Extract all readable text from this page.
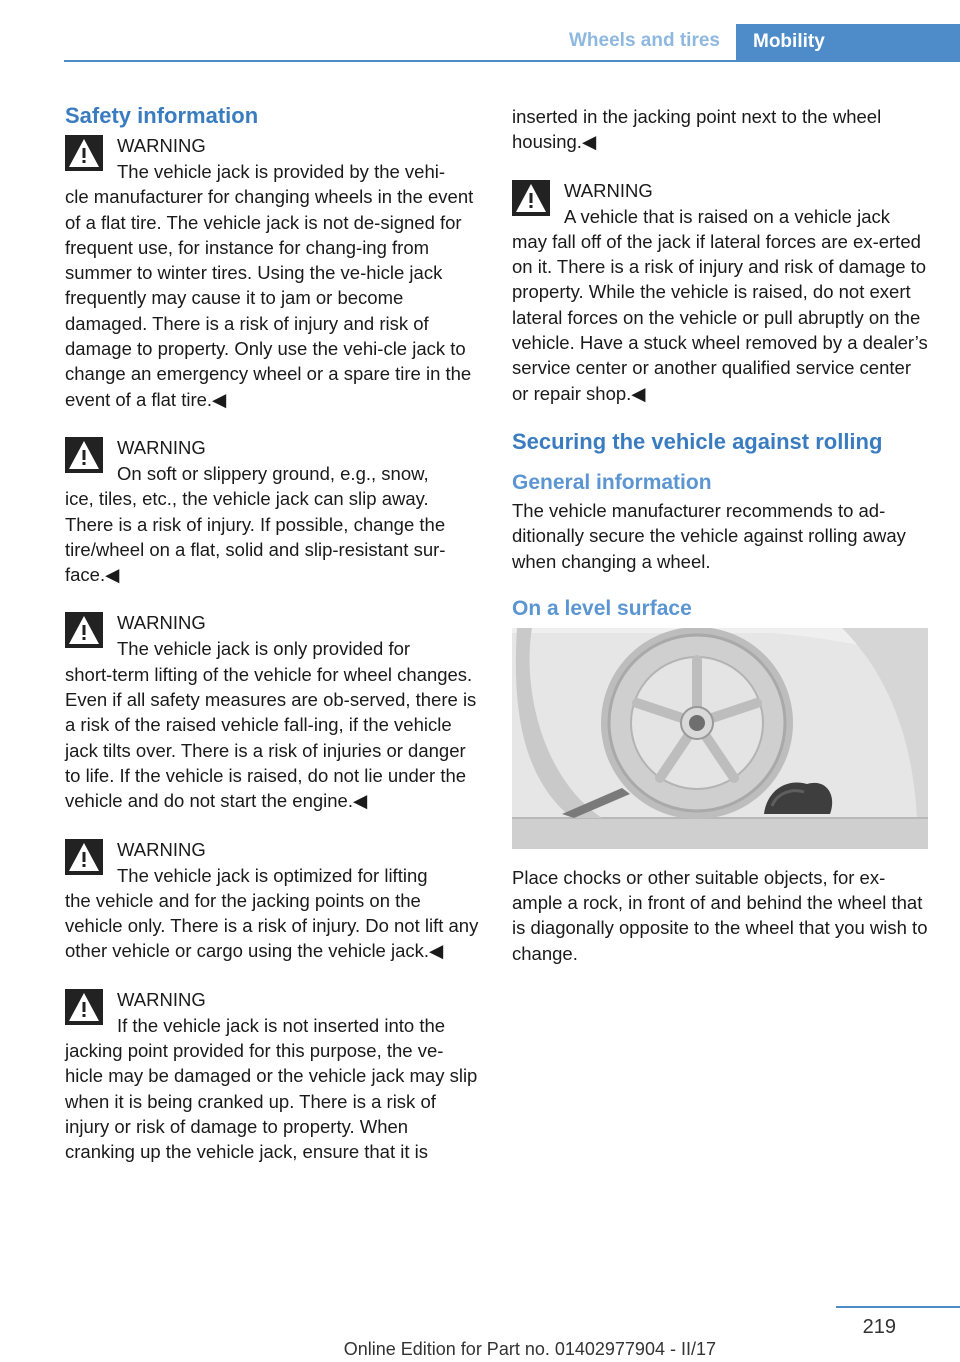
Wheels and tires	Mobility
Safety information
WARNING
The vehicle jack is provided by the vehi‐
cle manufacturer for changing wheels in the event of a flat tire. The vehicle jack is not de‐signed for frequent use, for instance for chang‐ing from summer to winter tires. Using the ve‐hicle jack frequently may cause it to jam or become damaged. There is a risk of injury and risk of damage to property. Only use the vehi‐cle jack to change an emergency wheel or a spare tire in the event of a flat tire.◀
WARNING
On soft or slippery ground, e.g., snow,
ice, tiles, etc., the vehicle jack can slip away. There is a risk of injury. If possible, change the tire/wheel on a flat, solid and slip-resistant sur‐face.◀
WARNING
The vehicle jack is only provided for
short-term lifting of the vehicle for wheel changes. Even if all safety measures are ob‐served, there is a risk of the raised vehicle fall‐ing, if the vehicle jack tilts over. There is a risk of injuries or danger to life. If the vehicle is raised, do not lie under the vehicle and do not start the engine.◀
WARNING
The vehicle jack is optimized for lifting
the vehicle and for the jacking points on the vehicle only. There is a risk of injury. Do not lift any other vehicle or cargo using the vehicle jack.◀
WARNING
If the vehicle jack is not inserted into the
jacking point provided for this purpose, the ve‐hicle may be damaged or the vehicle jack may slip when it is being cranked up. There is a risk of injury or risk of damage to property. When cranking up the vehicle jack, ensure that it is
inserted in the jacking point next to the wheel housing.◀
WARNING
A vehicle that is raised on a vehicle jack
may fall off of the jack if lateral forces are ex‐erted on it. There is a risk of injury and risk of damage to property. While the vehicle is raised, do not exert lateral forces on the vehicle or pull abruptly on the vehicle. Have a stuck wheel removed by a dealer’s service center or another qualified service center or repair shop.◀
Securing the vehicle against rolling
General information
The vehicle manufacturer recommends to ad‐ditionally secure the vehicle against rolling away when changing a wheel.
On a level surface
Place chocks or other suitable objects, for ex‐ample a rock, in front of and behind the wheel that is diagonally opposite to the wheel that you wish to change.
219
Online Edition for Part no. 01402977904 - II/17
